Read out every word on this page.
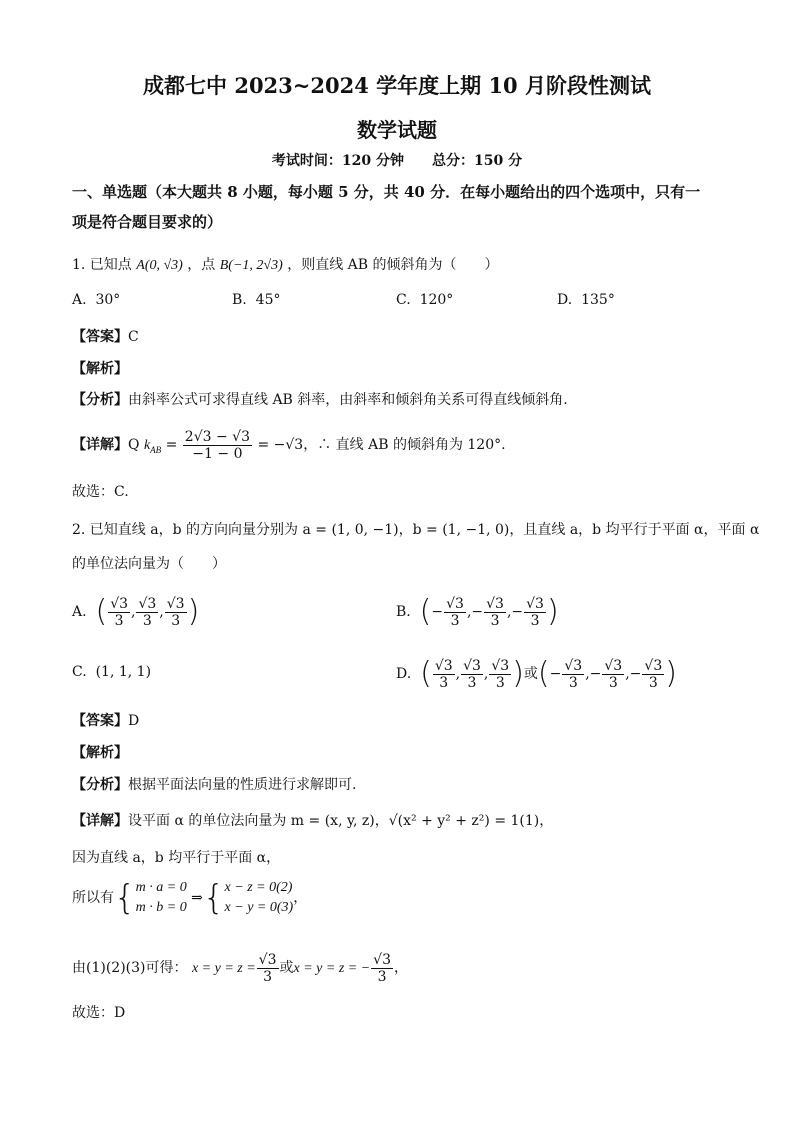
成都七中 2023~2024 学年度上期 10 月阶段性测试
数学试题
考试时间：120 分钟　　总分：150 分
一、单选题（本大题共 8 小题，每小题 5 分，共 40 分．在每小题给出的四个选项中，只有一
项是符合题目要求的）
1. 已知点 A(0, √3) ，点 B(−1, 2√3) ，则直线 AB 的倾斜角为（　　）
A. 30°	B. 45°	C. 120°	D. 135°
【答案】C
【解析】
【分析】由斜率公式可求得直线 AB 斜率，由斜率和倾斜角关系可得直线倾斜角.
【详解】Q $k_{AB} = \frac{2√3 - √3}{-1 - 0} = -√3$，∴ 直线 AB 的倾斜角为 120°.
故选：C.
2. 已知直线 a，b 的方向向量分别为 a = (1, 0, −1)，b = (1, −1, 0)，且直线 a，b 均平行于平面 α，平面 α
的单位法向量为（　　）
A. ( $\frac{√3}{3}$ , $\frac{√3}{3}$ , $\frac{√3}{3}$ )	B. (− $\frac{√3}{3}$ ,− $\frac{√3}{3}$ ,− $\frac{√3}{3}$ )
C. (1, 1, 1)	D. ( $\frac{√3}{3}$ , $\frac{√3}{3}$ , $\frac{√3}{3}$ )或(− $\frac{√3}{3}$ ,− $\frac{√3}{3}$ ,− $\frac{√3}{3}$ )
【答案】D
【解析】
【分析】根据平面法向量的性质进行求解即可.
【详解】设平面 α 的单位法向量为 m = (x, y, z)，√(x² + y² + z²) = 1(1)，
因为直线 a，b 均平行于平面 α，
所以有{ m · a = 0
m · b = 0
⇒{ x − z = 0(2)
x − y = 0(3)
，
由(1)(2)(3)可得： $x = y = z = \frac{√3}{3}$ 或x = y = z = − $\frac{√3}{3}$ ，
故选：D
